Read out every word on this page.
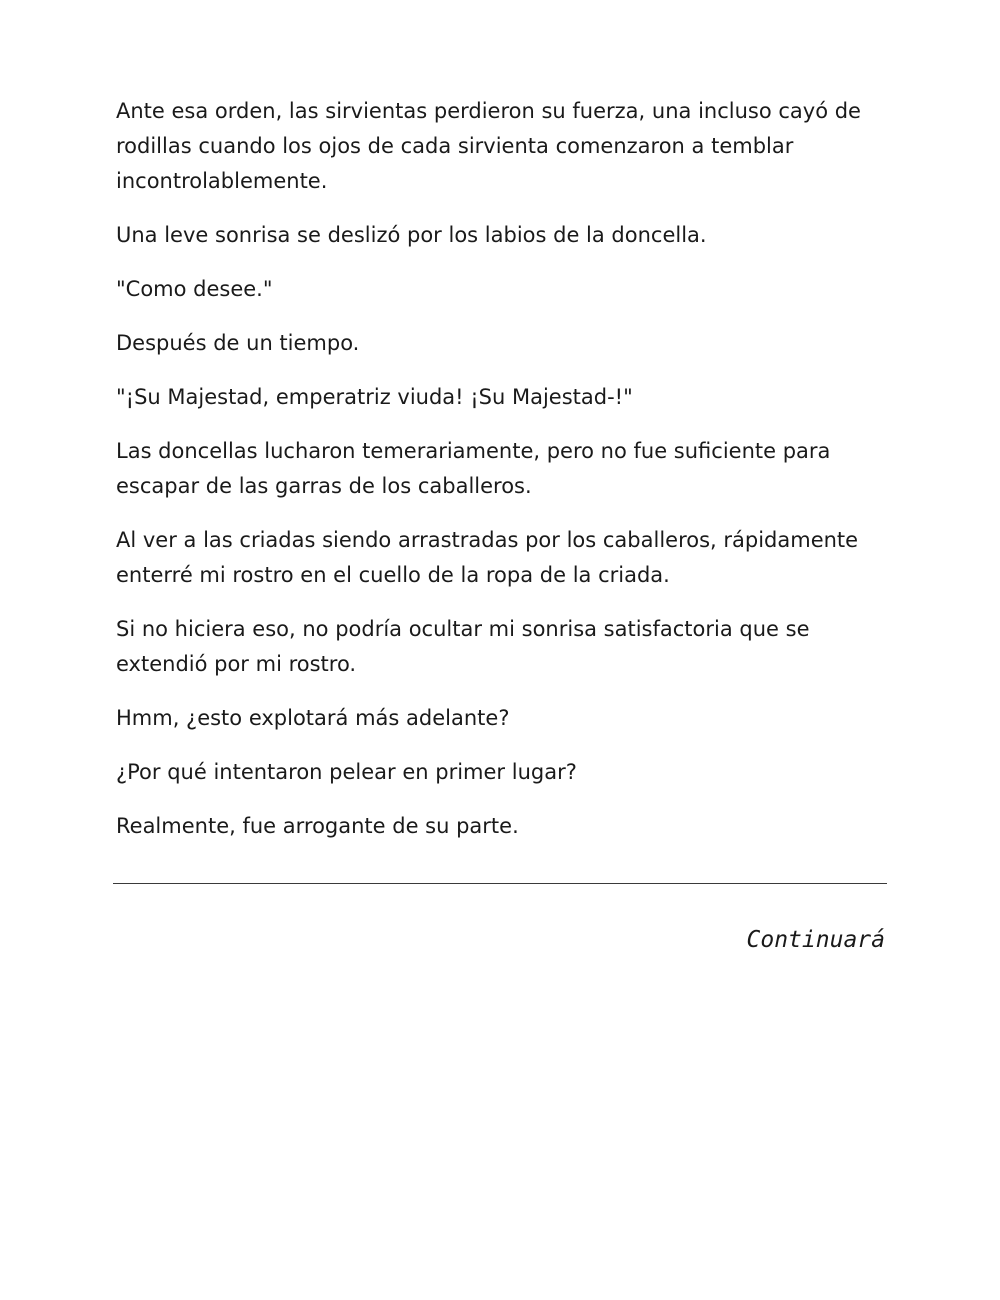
Ante esa orden, las sirvientas perdieron su fuerza, una incluso cayó de rodillas cuando los ojos de cada sirvienta comenzaron a temblar incontrolablemente.

Una leve sonrisa se deslizó por los labios de la doncella.

"Como desee."

Después de un tiempo.

"¡Su Majestad, emperatriz viuda! ¡Su Majestad-!"

Las doncellas lucharon temerariamente, pero no fue suficiente para escapar de las garras de los caballeros.

Al ver a las criadas siendo arrastradas por los caballeros, rápidamente enterré mi rostro en el cuello de la ropa de la criada.

Si no hiciera eso, no podría ocultar mi sonrisa satisfactoria que se extendió por mi rostro.

Hmm, ¿esto explotará más adelante?

¿Por qué intentaron pelear en primer lugar?

Realmente, fue arrogante de su parte.

Continuará
